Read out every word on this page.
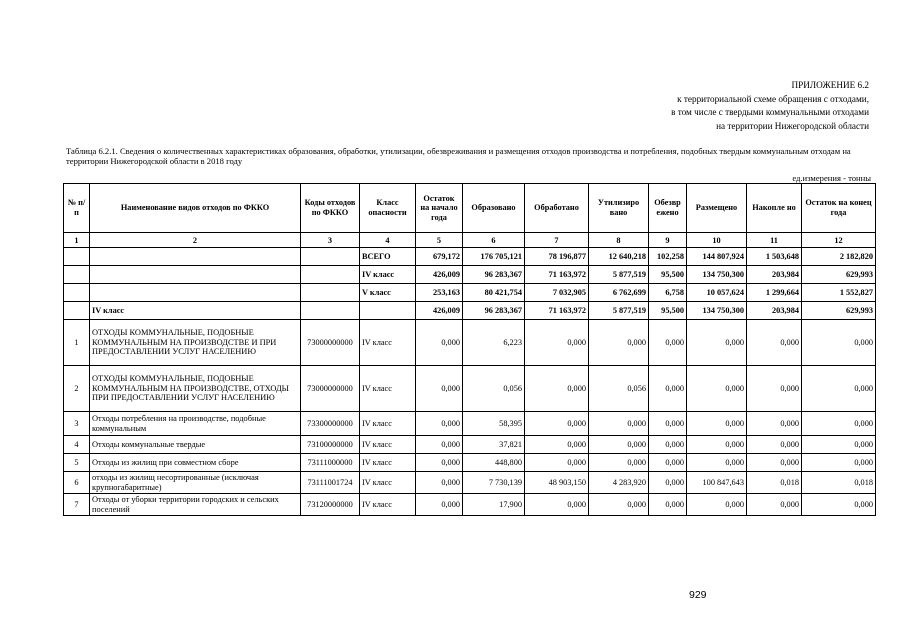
ПРИЛОЖЕНИЕ 6.2
к территориальной схеме обращения с отходами,
в том числе с твердыми коммунальными отходами
на территории Нижегородской области
Таблица 6.2.1. Сведения о количественных характеристиках образования, обработки, утилизации, обезвреживания и размещения отходов производства и потребления, подобных твердым коммунальным отходам на территории Нижегородской области в 2018 году
ед.измерения - тонны
№ п/п	Наименование видов отходов по ФККО	Коды отходов по ФККО	Класс опасности	Остаток на начало года	Образовано	Обработано	Утилизиро вано	Обезвр ежено	Размещено	Накопле но	Остаток на конец года
1	2	3	4	5	6	7	8	9	10	11	12
			ВСЕГО	679,172	176 705,121	78 196,877	12 640,218	102,258	144 807,924	1 503,648	2 182,820
			IV класс	426,009	96 283,367	71 163,972	5 877,519	95,500	134 750,300	203,984	629,993
			V класс	253,163	80 421,754	7 032,905	6 762,699	6,758	10 057,624	1 299,664	1 552,827
	IV класс			426,009	96 283,367	71 163,972	5 877,519	95,500	134 750,300	203,984	629,993
1	ОТХОДЫ КОММУНАЛЬНЫЕ, ПОДОБНЫЕ КОММУНАЛЬНЫМ НА ПРОИЗВОДСТВЕ И ПРИ ПРЕДОСТАВЛЕНИИ УСЛУГ НАСЕЛЕНИЮ	73000000000	IV класс	0,000	6,223	0,000	0,000	0,000	0,000	0,000	0,000
2	ОТХОДЫ КОММУНАЛЬНЫЕ, ПОДОБНЫЕ КОММУНАЛЬНЫМ НА ПРОИЗВОДСТВЕ, ОТХОДЫ ПРИ ПРЕДОСТАВЛЕНИИ УСЛУГ НАСЕЛЕНИЮ	73000000000	IV класс	0,000	0,056	0,000	0,056	0,000	0,000	0,000	0,000
3	Отходы потребления на производстве, подобные коммунальным	73300000000	IV класс	0,000	58,395	0,000	0,000	0,000	0,000	0,000	0,000
4	Отходы коммунальные твердые	73100000000	IV класс	0,000	37,821	0,000	0,000	0,000	0,000	0,000	0,000
5	Отходы из жилищ при совместном сборе	73111000000	IV класс	0,000	448,800	0,000	0,000	0,000	0,000	0,000	0,000
6	отходы из жилищ несортированные (исключая крупногабаритные)	73111001724	IV класс	0,000	7 730,139	48 903,150	4 283,920	0,000	100 847,643	0,018	0,018
7	Отходы от уборки территории городских и сельских поселений	73120000000	IV класс	0,000	17,900	0,000	0,000	0,000	0,000	0,000	0,000
929
